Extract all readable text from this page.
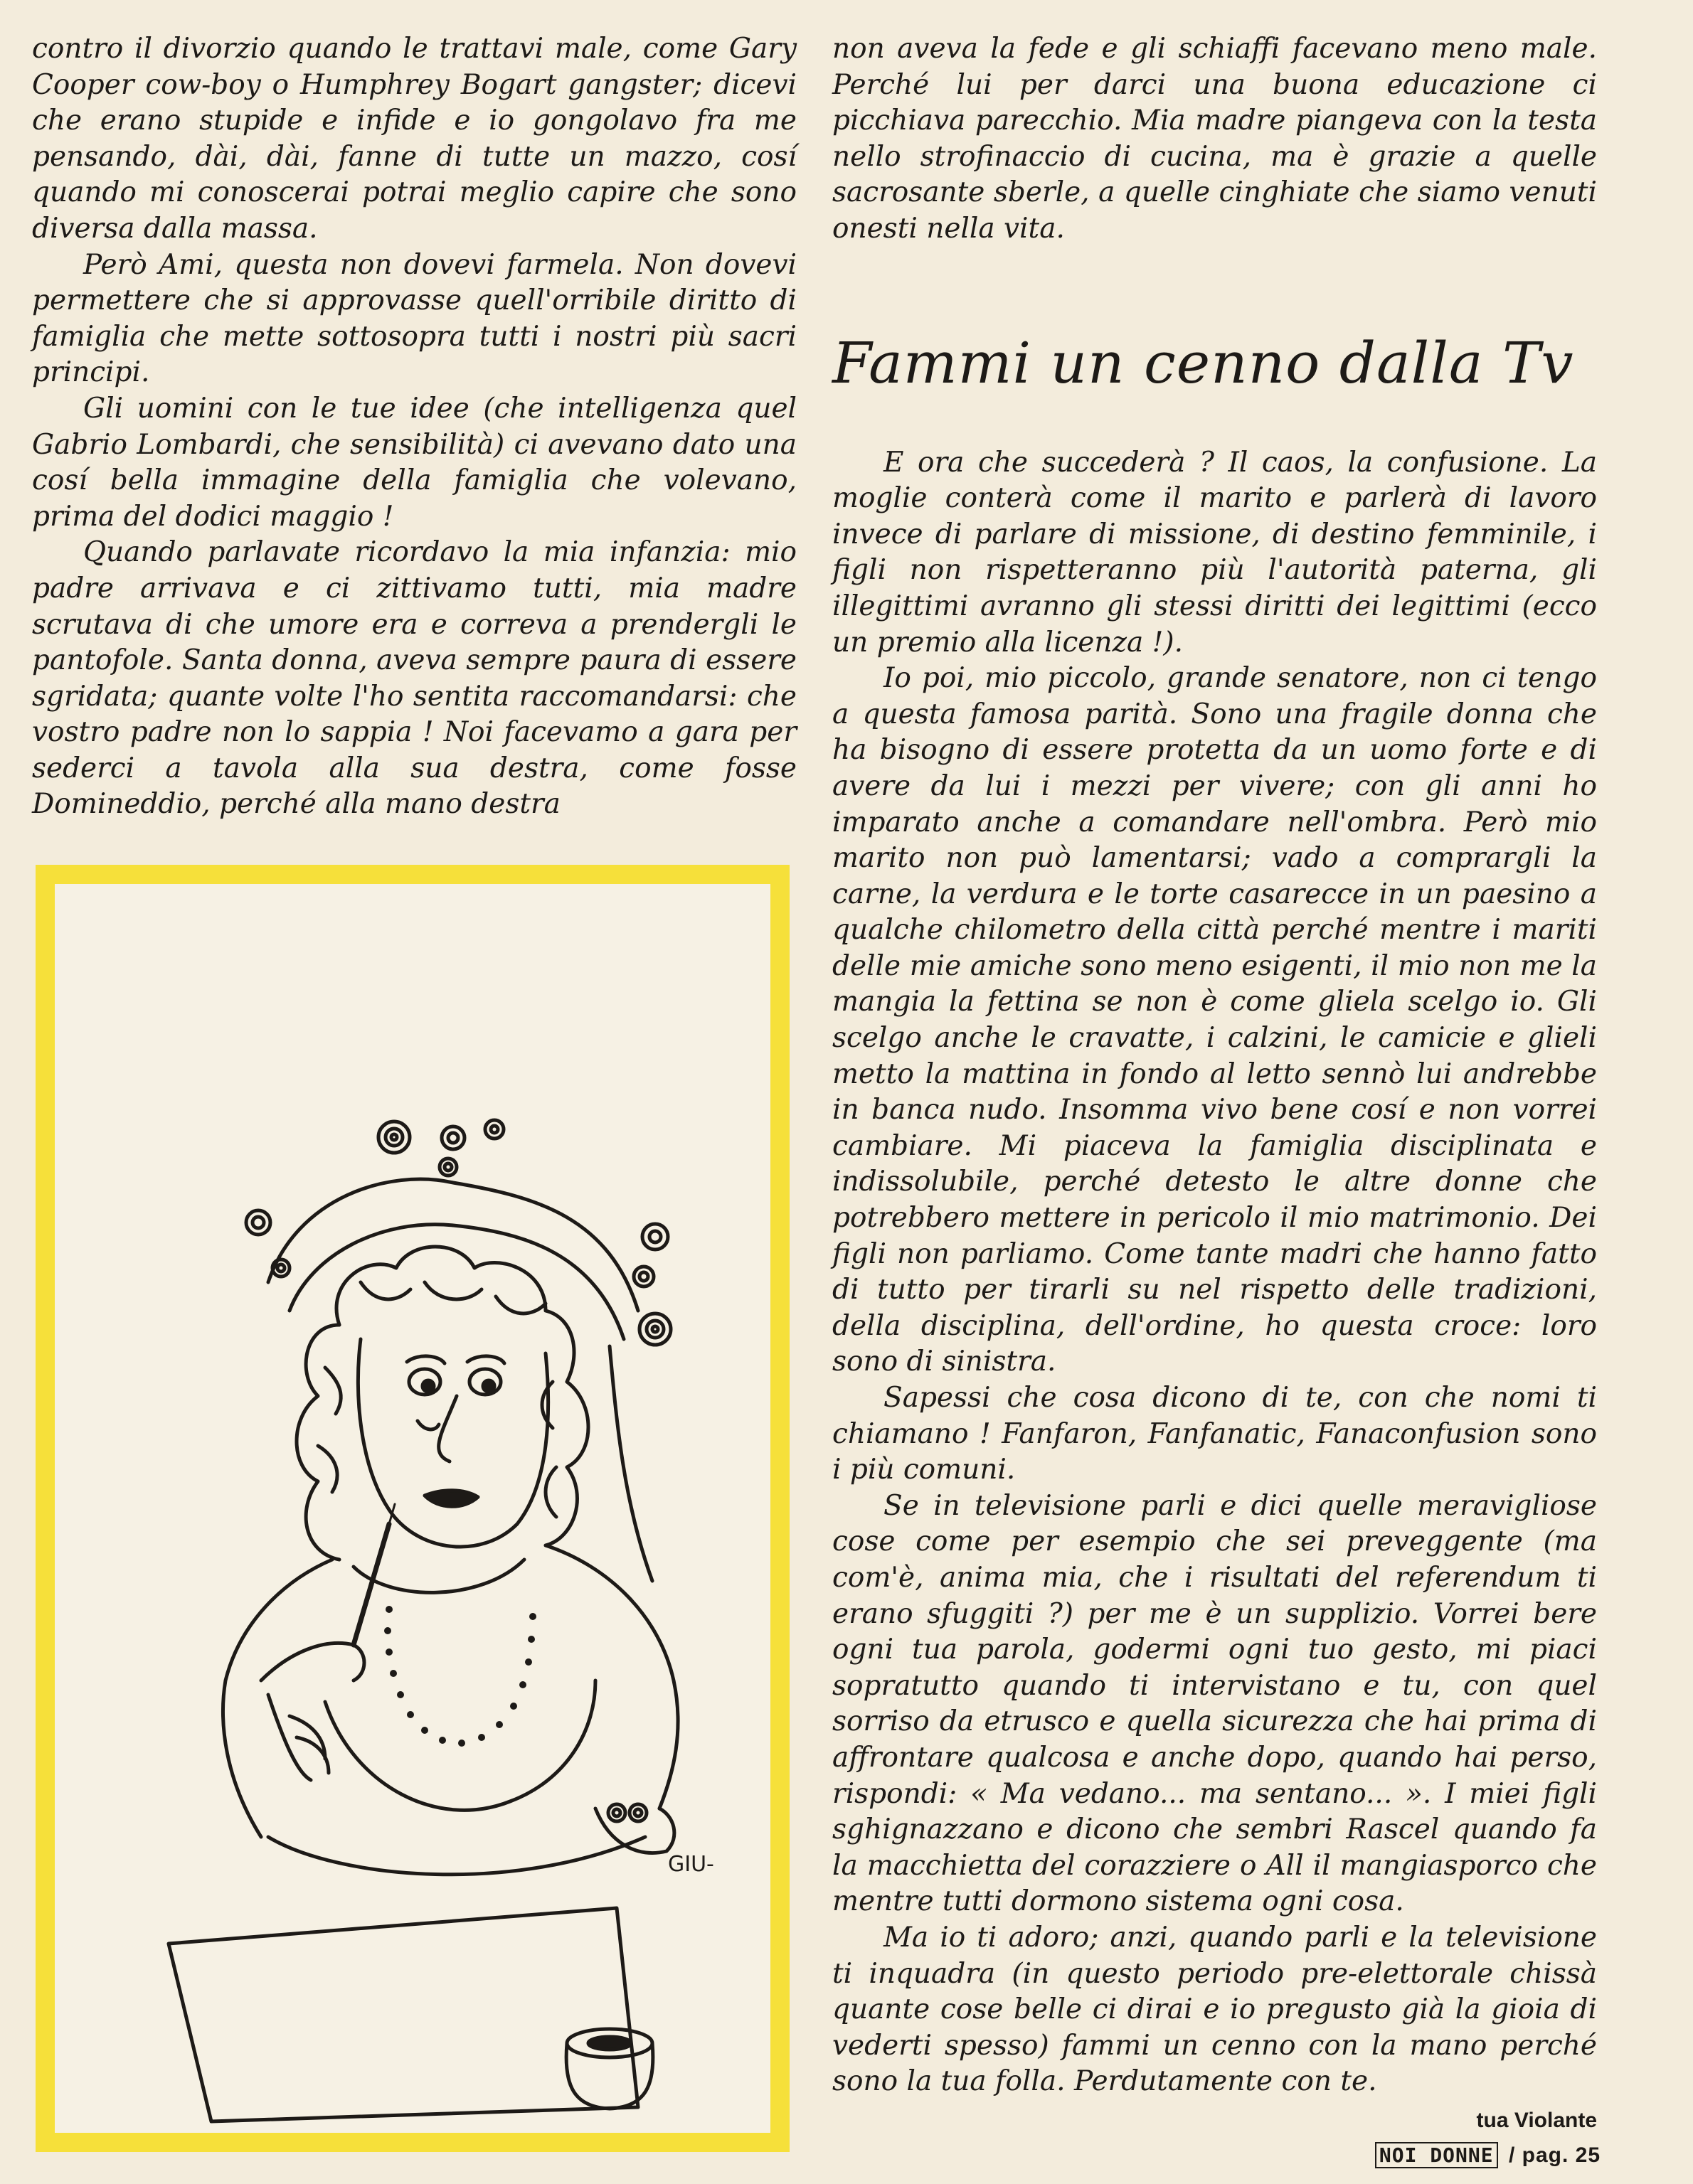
contro il divorzio quando le trattavi male, come Gary Cooper cow-boy o Humphrey Bogart gangster; dicevi che erano stupide e infide e io gongolavo fra me pensando, dài, dài, fanne di tutte un mazzo, cosí quando mi conoscerai potrai meglio capire che sono diversa dalla massa.

Però Ami, questa non dovevi farmela. Non dovevi permettere che si approvasse quell'orribile diritto di famiglia che mette sottosopra tutti i nostri più sacri principi.

Gli uomini con le tue idee (che intelligenza quel Gabrio Lombardi, che sensibilità) ci avevano dato una cosí bella immagine della famiglia che volevano, prima del dodici maggio !

Quando parlavate ricordavo la mia infanzia: mio padre arrivava e ci zittivamo tutti, mia madre scrutava di che umore era e correva a prendergli le pantofole. Santa donna, aveva sempre paura di essere sgridata; quante volte l'ho sentita raccomandarsi: che vostro padre non lo sappia ! Noi facevamo a gara per sederci a tavola alla sua destra, come fosse Domineddio, perché alla mano destra

GIU-

non aveva la fede e gli schiaffi facevano meno male. Perché lui per darci una buona educazione ci picchiava parecchio. Mia madre piangeva con la testa nello strofinaccio di cucina, ma è grazie a quelle sacrosante sberle, a quelle cinghiate che siamo venuti onesti nella vita.

Fammi un cenno dalla Tv

E ora che succederà ? Il caos, la confusione. La moglie conterà come il marito e parlerà di lavoro invece di parlare di missione, di destino femminile, i figli non rispetteranno più l'autorità paterna, gli illegittimi avranno gli stessi diritti dei legittimi (ecco un premio alla licenza !).

Io poi, mio piccolo, grande senatore, non ci tengo a questa famosa parità. Sono una fragile donna che ha bisogno di essere protetta da un uomo forte e di avere da lui i mezzi per vivere; con gli anni ho imparato anche a comandare nell'ombra. Però mio marito non può lamentarsi; vado a comprargli la carne, la verdura e le torte casarecce in un paesino a qualche chilometro della città perché mentre i mariti delle mie amiche sono meno esigenti, il mio non me la mangia la fettina se non è come gliela scelgo io. Gli scelgo anche le cravatte, i calzini, le camicie e glieli metto la mattina in fondo al letto sennò lui andrebbe in banca nudo. Insomma vivo bene cosí e non vorrei cambiare. Mi piaceva la famiglia disciplinata e indissolubile, perché detesto le altre donne che potrebbero mettere in pericolo il mio matrimonio. Dei figli non parliamo. Come tante madri che hanno fatto di tutto per tirarli su nel rispetto delle tradizioni, della disciplina, dell'ordine, ho questa croce: loro sono di sinistra.

Sapessi che cosa dicono di te, con che nomi ti chiamano ! Fanfaron, Fanfanatic, Fanaconfusion sono i più comuni.

Se in televisione parli e dici quelle meravigliose cose come per esempio che sei preveggente (ma com'è, anima mia, che i risultati del referendum ti erano sfuggiti ?) per me è un supplizio. Vorrei bere ogni tua parola, godermi ogni tuo gesto, mi piaci sopratutto quando ti intervistano e tu, con quel sorriso da etrusco e quella sicurezza che hai prima di affrontare qualcosa e anche dopo, quando hai perso, rispondi: « Ma vedano... ma sentano... ». I miei figli sghignazzano e dicono che sembri Rascel quando fa la macchietta del corazziere o All il mangiasporco che mentre tutti dormono sistema ogni cosa.

Ma io ti adoro; anzi, quando parli e la televisione ti inquadra (in questo periodo pre-elettorale chissà quante cose belle ci dirai e io pregusto già la gioia di vederti spesso) fammi un cenno con la mano perché sono la tua folla. Perdutamente con te.

tua Violante
NOI DONNE / pag. 25
